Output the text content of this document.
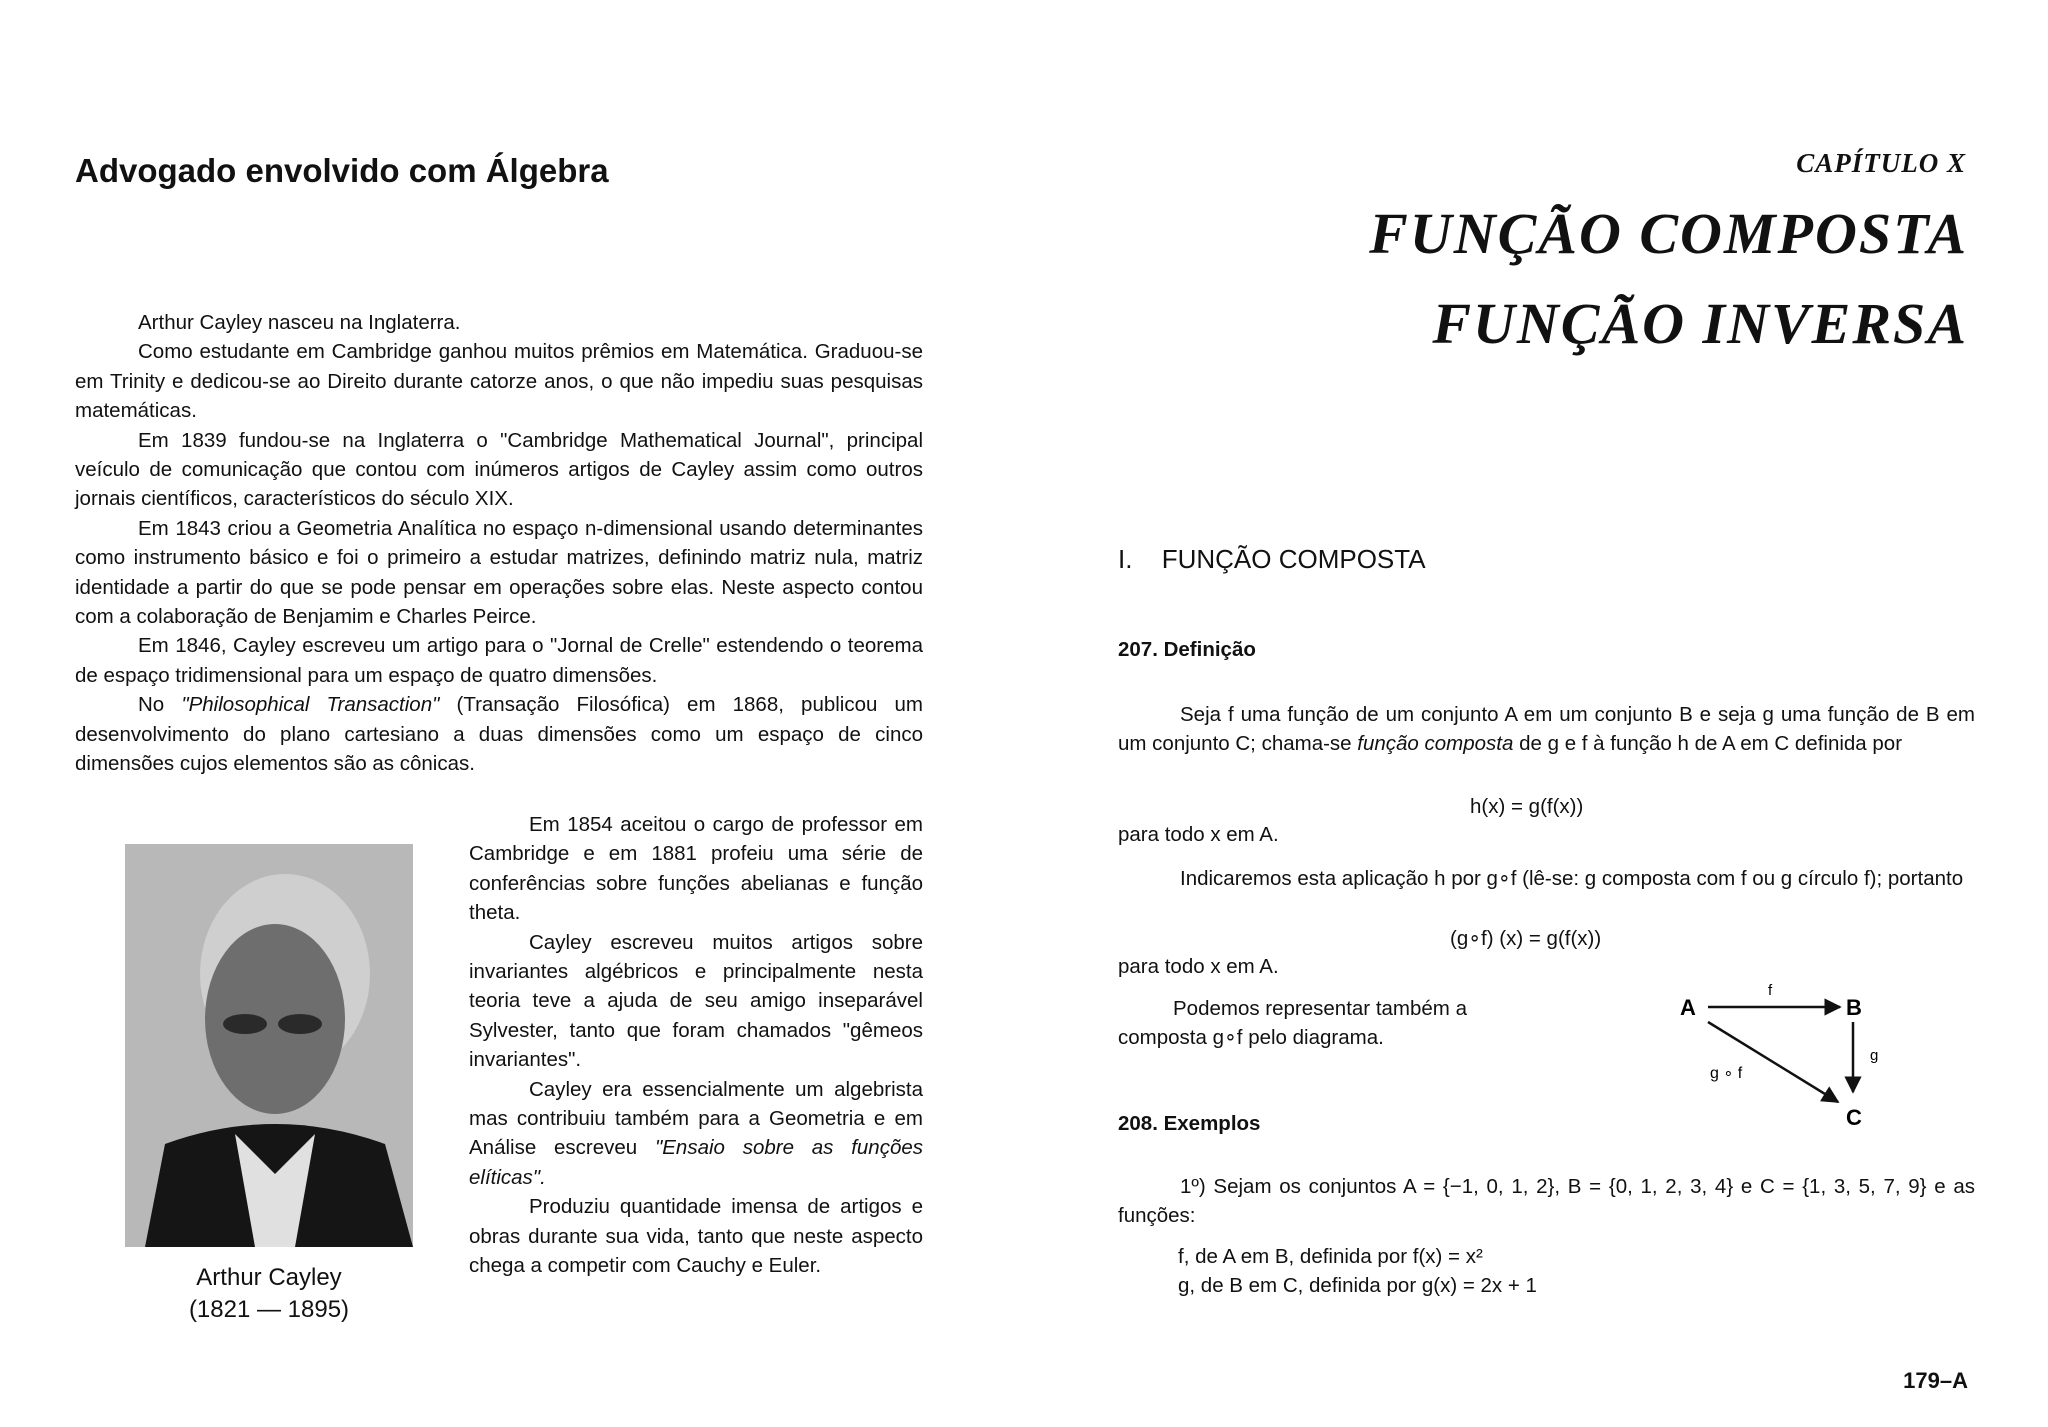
Advogado envolvido com Álgebra

Arthur Cayley nasceu na Inglaterra.

Como estudante em Cambridge ganhou muitos prêmios em Matemática. Graduou-se em Trinity e dedicou-se ao Direito durante catorze anos, o que não impediu suas pesquisas matemáticas.

Em 1839 fundou-se na Inglaterra o "Cambridge Mathematical Journal", principal veículo de comunicação que contou com inúmeros artigos de Cayley assim como outros jornais científicos, característicos do século XIX.

Em 1843 criou a Geometria Analítica no espaço n-dimensional usando determinantes como instrumento básico e foi o primeiro a estudar matrizes, definindo matriz nula, matriz identidade a partir do que se pode pensar em operações sobre elas. Neste aspecto contou com a colaboração de Benjamim e Charles Peirce.

Em 1846, Cayley escreveu um artigo para o "Jornal de Crelle" estendendo o teorema de espaço tridimensional para um espaço de quatro dimensões.

No "Philosophical Transaction" (Transação Filosófica) em 1868, publicou um desenvolvimento do plano cartesiano a duas dimensões como um espaço de cinco dimensões cujos elementos são as cônicas.

Arthur Cayley
(1821 — 1895)

Em 1854 aceitou o cargo de professor em Cambridge e em 1881 profeiu uma série de conferências sobre funções abelianas e função theta.

Cayley escreveu muitos artigos sobre invariantes algébricos e principalmente nesta teoria teve a ajuda de seu amigo inseparável Sylvester, tanto que foram chamados "gêmeos invariantes".

Cayley era essencialmente um algebrista mas contribuiu também para a Geometria e em Análise escreveu "Ensaio sobre as funções elíticas".

Produziu quantidade imensa de artigos e obras durante sua vida, tanto que neste aspecto chega a competir com Cauchy e Euler.

CAPÍTULO X
FUNÇÃO COMPOSTA
FUNÇÃO INVERSA
I. FUNÇÃO COMPOSTA
207. Definição
Seja f uma função de um conjunto A em um conjunto B e seja g uma função de B em um conjunto C; chama-se função composta de g e f à função h de A em C definida por
h(x) = g(f(x))
para todo x em A.
Indicaremos esta aplicação h por g∘f (lê-se: g composta com f ou g círculo f); portanto
(g∘f) (x) = g(f(x))
para todo x em A.
Podemos representar também a composta g∘f pelo diagrama.
A	B
C
f
g
g ∘ f
208. Exemplos
1º) Sejam os conjuntos A = {−1, 0, 1, 2}, B = {0, 1, 2, 3, 4} e C = {1, 3, 5, 7, 9} e as funções:
f, de A em B, definida por f(x) = x²
g, de B em C, definida por g(x) = 2x + 1
179–A
